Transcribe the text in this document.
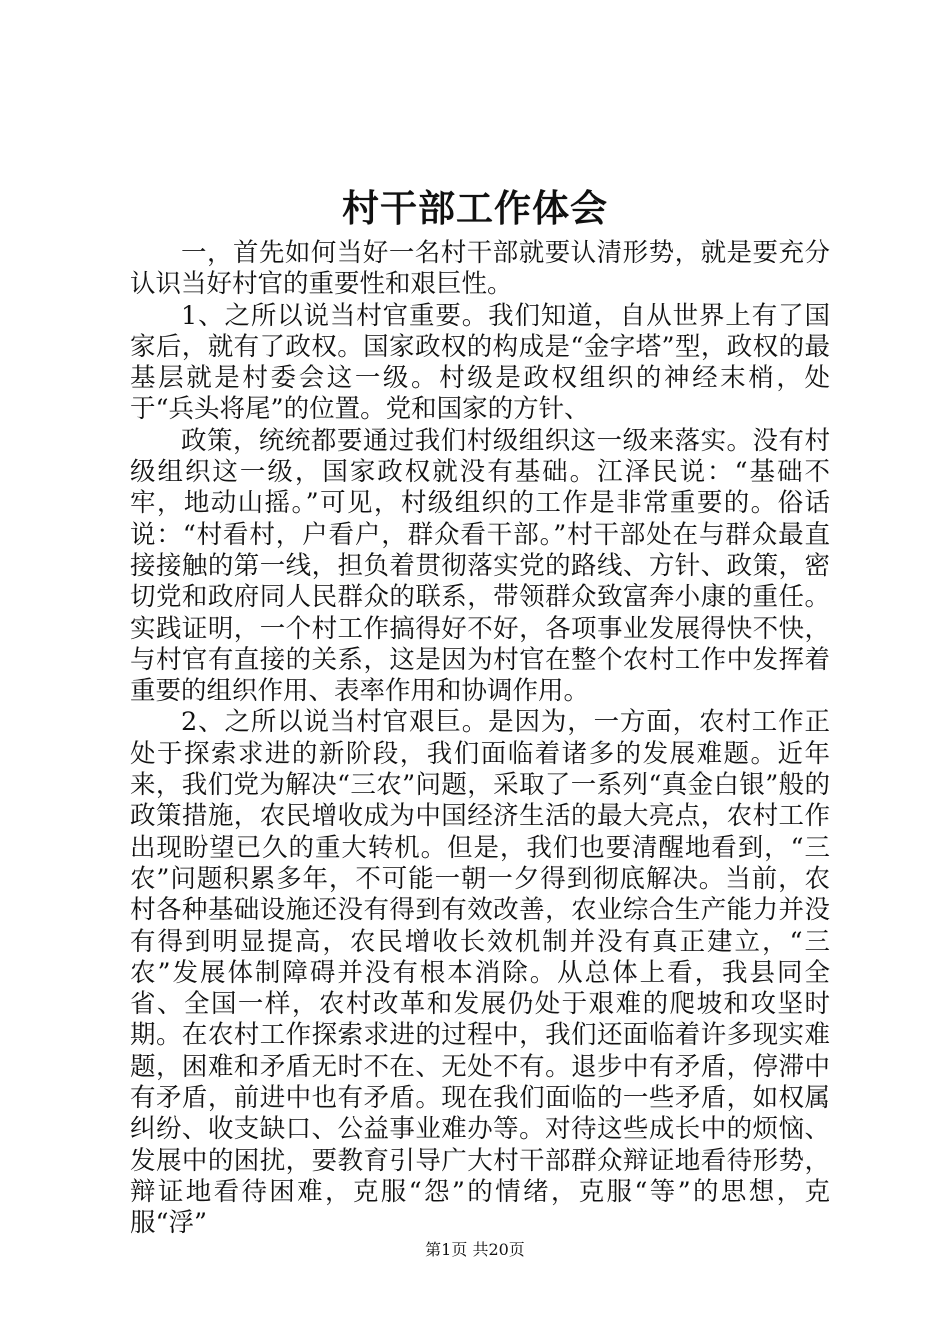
村干部工作体会

一，首先如何当好一名村干部就要认清形势，就是要充分认识当好村官的重要性和艰巨性。

1、之所以说当村官重要。我们知道，自从世界上有了国家后，就有了政权。国家政权的构成是“金字塔”型，政权的最基层就是村委会这一级。村级是政权组织的神经末梢，处于“兵头将尾”的位置。党和国家的方针、

政策，统统都要通过我们村级组织这一级来落实。没有村级组织这一级，国家政权就没有基础。江泽民说：“基础不牢，地动山摇。”可见，村级组织的工作是非常重要的。俗话说：“村看村，户看户，群众看干部。”村干部处在与群众最直接接触的第一线，担负着贯彻落实党的路线、方针、政策，密切党和政府同人民群众的联系，带领群众致富奔小康的重任。实践证明，一个村工作搞得好不好，各项事业发展得快不快，与村官有直接的关系，这是因为村官在整个农村工作中发挥着重要的组织作用、表率作用和协调作用。

2、之所以说当村官艰巨。是因为，一方面，农村工作正处于探索求进的新阶段，我们面临着诸多的发展难题。近年来，我们党为解决“三农”问题，采取了一系列“真金白银”般的政策措施，农民增收成为中国经济生活的最大亮点，农村工作出现盼望已久的重大转机。但是，我们也要清醒地看到，“三农”问题积累多年，不可能一朝一夕得到彻底解决。当前，农村各种基础设施还没有得到有效改善，农业综合生产能力并没有得到明显提高，农民增收长效机制并没有真正建立，“三农”发展体制障碍并没有根本消除。从总体上看，我县同全省、全国一样，农村改革和发展仍处于艰难的爬坡和攻坚时期。在农村工作探索求进的过程中，我们还面临着许多现实难题，困难和矛盾无时不在、无处不有。退步中有矛盾，停滞中有矛盾，前进中也有矛盾。现在我们面临的一些矛盾，如权属纠纷、收支缺口、公益事业难办等。对待这些成长中的烦恼、发展中的困扰，要教育引导广大村干部群众辩证地看待形势，辩证地看待困难，克服“怨”的情绪，克服“等”的思想，克服“浮”

第1页 共20页
